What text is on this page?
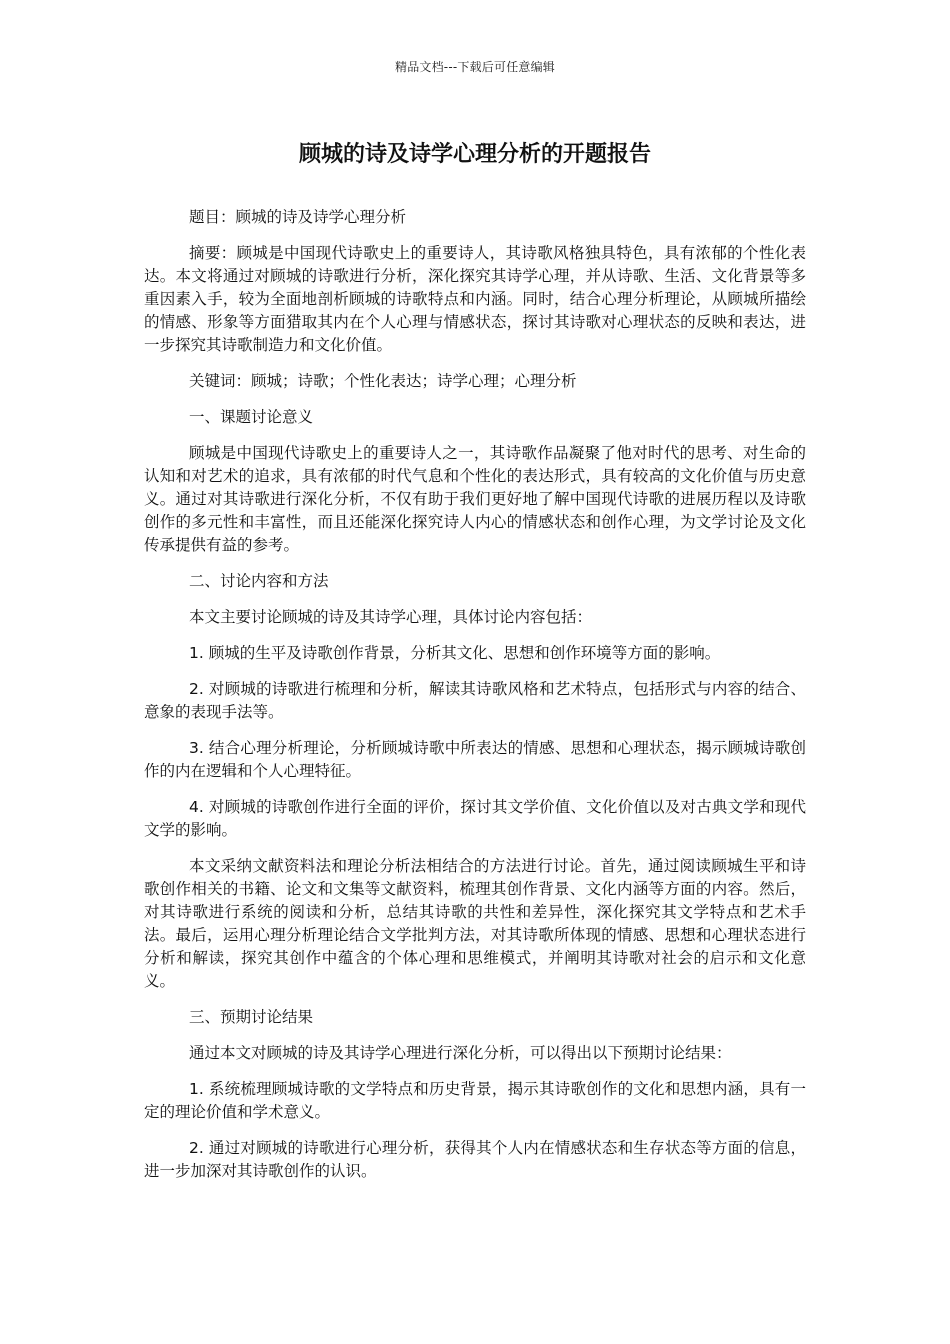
精品文档---下载后可任意编辑
顾城的诗及诗学心理分析的开题报告

题目：顾城的诗及诗学心理分析

摘要：顾城是中国现代诗歌史上的重要诗人，其诗歌风格独具特色，具有浓郁的个性化表达。本文将通过对顾城的诗歌进行分析，深化探究其诗学心理，并从诗歌、生活、文化背景等多重因素入手，较为全面地剖析顾城的诗歌特点和内涵。同时，结合心理分析理论，从顾城所描绘的情感、形象等方面猎取其内在个人心理与情感状态，探讨其诗歌对心理状态的反映和表达，进一步探究其诗歌制造力和文化价值。

关键词：顾城；诗歌；个性化表达；诗学心理；心理分析

一、课题讨论意义

顾城是中国现代诗歌史上的重要诗人之一，其诗歌作品凝聚了他对时代的思考、对生命的认知和对艺术的追求，具有浓郁的时代气息和个性化的表达形式，具有较高的文化价值与历史意义。通过对其诗歌进行深化分析，不仅有助于我们更好地了解中国现代诗歌的进展历程以及诗歌创作的多元性和丰富性，而且还能深化探究诗人内心的情感状态和创作心理，为文学讨论及文化传承提供有益的参考。

二、讨论内容和方法

本文主要讨论顾城的诗及其诗学心理，具体讨论内容包括：

1. 顾城的生平及诗歌创作背景，分析其文化、思想和创作环境等方面的影响。

2. 对顾城的诗歌进行梳理和分析，解读其诗歌风格和艺术特点，包括形式与内容的结合、意象的表现手法等。

3. 结合心理分析理论，分析顾城诗歌中所表达的情感、思想和心理状态，揭示顾城诗歌创作的内在逻辑和个人心理特征。

4. 对顾城的诗歌创作进行全面的评价，探讨其文学价值、文化价值以及对古典文学和现代文学的影响。

本文采纳文献资料法和理论分析法相结合的方法进行讨论。首先，通过阅读顾城生平和诗歌创作相关的书籍、论文和文集等文献资料，梳理其创作背景、文化内涵等方面的内容。然后，对其诗歌进行系统的阅读和分析，总结其诗歌的共性和差异性，深化探究其文学特点和艺术手法。最后，运用心理分析理论结合文学批判方法，对其诗歌所体现的情感、思想和心理状态进行分析和解读，探究其创作中蕴含的个体心理和思维模式，并阐明其诗歌对社会的启示和文化意义。

三、预期讨论结果

通过本文对顾城的诗及其诗学心理进行深化分析，可以得出以下预期讨论结果：

1. 系统梳理顾城诗歌的文学特点和历史背景，揭示其诗歌创作的文化和思想内涵，具有一定的理论价值和学术意义。

2. 通过对顾城的诗歌进行心理分析，获得其个人内在情感状态和生存状态等方面的信息，进一步加深对其诗歌创作的认识。
